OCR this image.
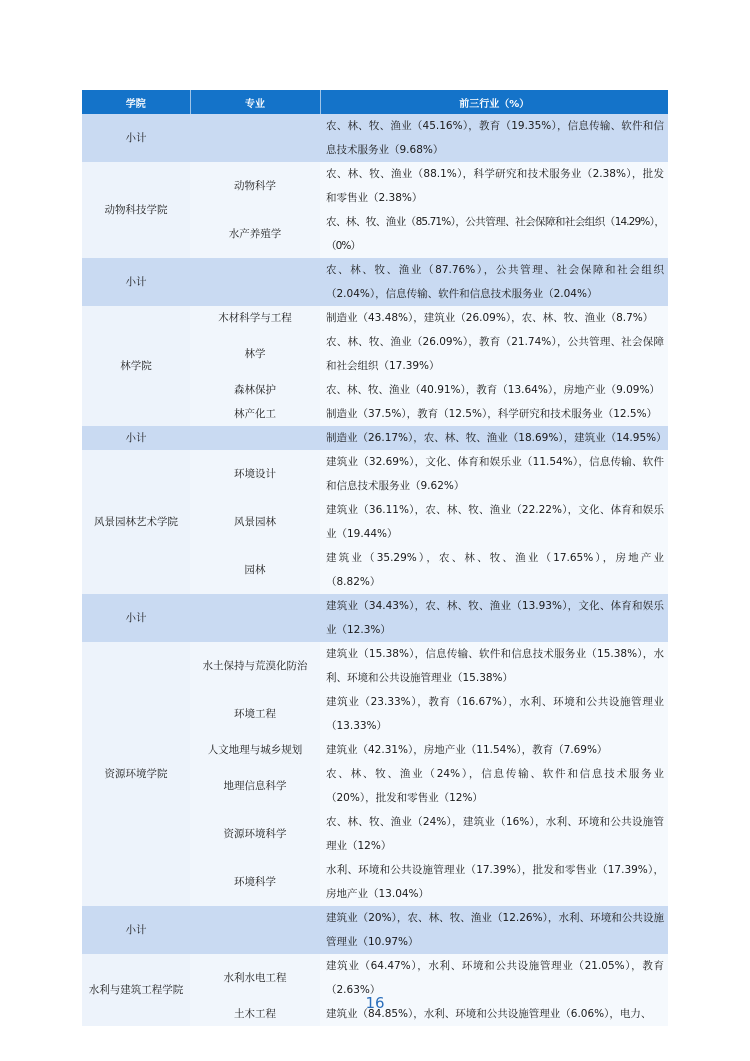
学院	专业	前三行业（%）
小计		农、林、牧、渔业（45.16%），教育（19.35%），信息传输、软件和信息技术服务业（9.68%）
动物科技学院	动物科学	农、林、牧、渔业（88.1%），科学研究和技术服务业（2.38%），批发和零售业（2.38%）
	水产养殖学	农、林、牧、渔业（85.71%），公共管理、社会保障和社会组织（14.29%），（0%）
小计		农、林、牧、渔业（87.76%），公共管理、社会保障和社会组织（2.04%），信息传输、软件和信息技术服务业（2.04%）
林学院	木材科学与工程	制造业（43.48%），建筑业（26.09%），农、林、牧、渔业（8.7%）
	林学	农、林、牧、渔业（26.09%），教育（21.74%），公共管理、社会保障和社会组织（17.39%）
	森林保护	农、林、牧、渔业（40.91%），教育（13.64%），房地产业（9.09%）
	林产化工	制造业（37.5%），教育（12.5%），科学研究和技术服务业（12.5%）
小计		制造业（26.17%），农、林、牧、渔业（18.69%），建筑业（14.95%）
风景园林艺术学院	环境设计	建筑业（32.69%），文化、体育和娱乐业（11.54%），信息传输、软件和信息技术服务业（9.62%）
	风景园林	建筑业（36.11%），农、林、牧、渔业（22.22%），文化、体育和娱乐业（19.44%）
	园林	建筑业（35.29%），农、林、牧、渔业（17.65%），房地产业（8.82%）
小计		建筑业（34.43%），农、林、牧、渔业（13.93%），文化、体育和娱乐业（12.3%）
资源环境学院	水土保持与荒漠化防治	建筑业（15.38%），信息传输、软件和信息技术服务业（15.38%），水利、环境和公共设施管理业（15.38%）
	环境工程	建筑业（23.33%），教育（16.67%），水利、环境和公共设施管理业（13.33%）
	人文地理与城乡规划	建筑业（42.31%），房地产业（11.54%），教育（7.69%）
	地理信息科学	农、林、牧、渔业（24%），信息传输、软件和信息技术服务业（20%），批发和零售业（12%）
	资源环境科学	农、林、牧、渔业（24%），建筑业（16%），水利、环境和公共设施管理业（12%）
	环境科学	水利、环境和公共设施管理业（17.39%），批发和零售业（17.39%），房地产业（13.04%）
小计		建筑业（20%），农、林、牧、渔业（12.26%），水利、环境和公共设施管理业（10.97%）
水利与建筑工程学院	水利水电工程	建筑业（64.47%），水利、环境和公共设施管理业（21.05%），教育（2.63%）
	土木工程	建筑业（84.85%），水利、环境和公共设施管理业（6.06%），电力、
16
